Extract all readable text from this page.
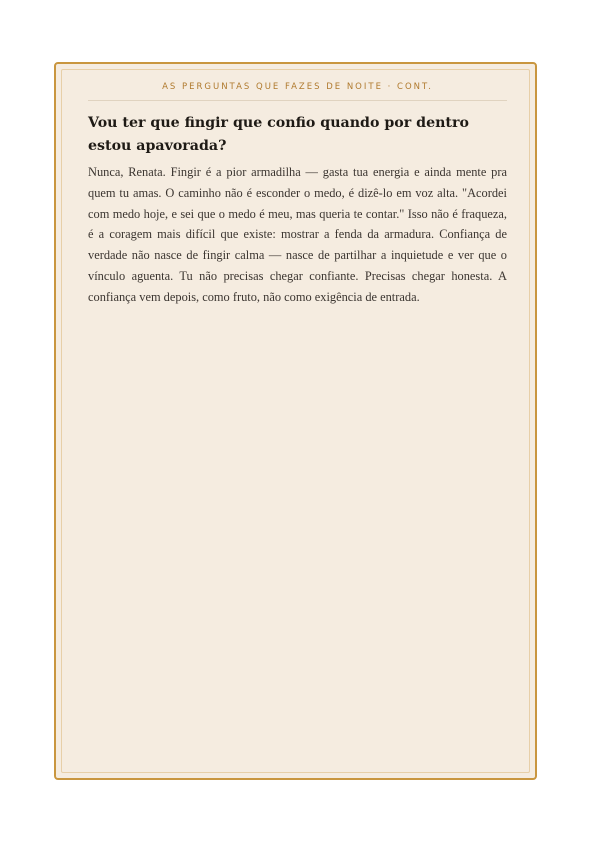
AS PERGUNTAS QUE FAZES DE NOITE · CONT.
Vou ter que fingir que confio quando por dentro estou apavorada?

Nunca, Renata. Fingir é a pior armadilha — gasta tua energia e ainda mente pra quem tu amas. O caminho não é esconder o medo, é dizê-lo em voz alta. "Acordei com medo hoje, e sei que o medo é meu, mas queria te contar." Isso não é fraqueza, é a coragem mais difícil que existe: mostrar a fenda da armadura. Confiança de verdade não nasce de fingir calma — nasce de partilhar a inquietude e ver que o vínculo aguenta. Tu não precisas chegar confiante. Precisas chegar honesta. A confiança vem depois, como fruto, não como exigência de entrada.
